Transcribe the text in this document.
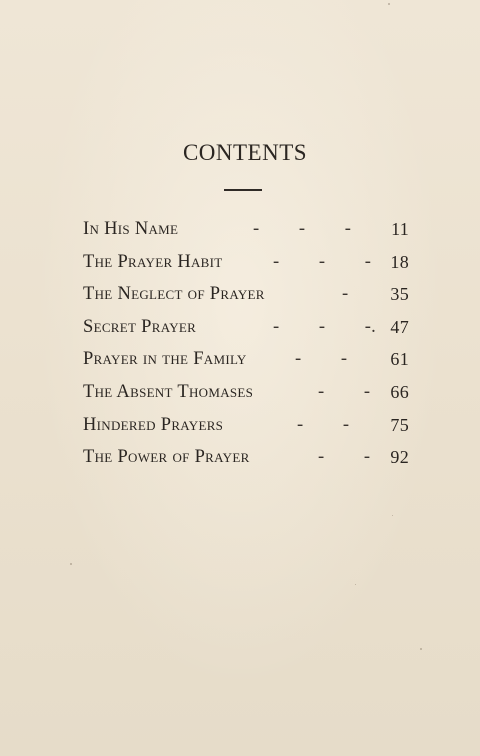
CONTENTS
In His Name	-        -        - 11
The Prayer Habit	-        -        - 18
The Neglect of Prayer	- 35
Secret Prayer	-        -        -. 47
Prayer in the Family	-        - 61
The Absent Thomases	-        - 66
Hindered Prayers	-        - 75
The Power of Prayer	-        - 92
